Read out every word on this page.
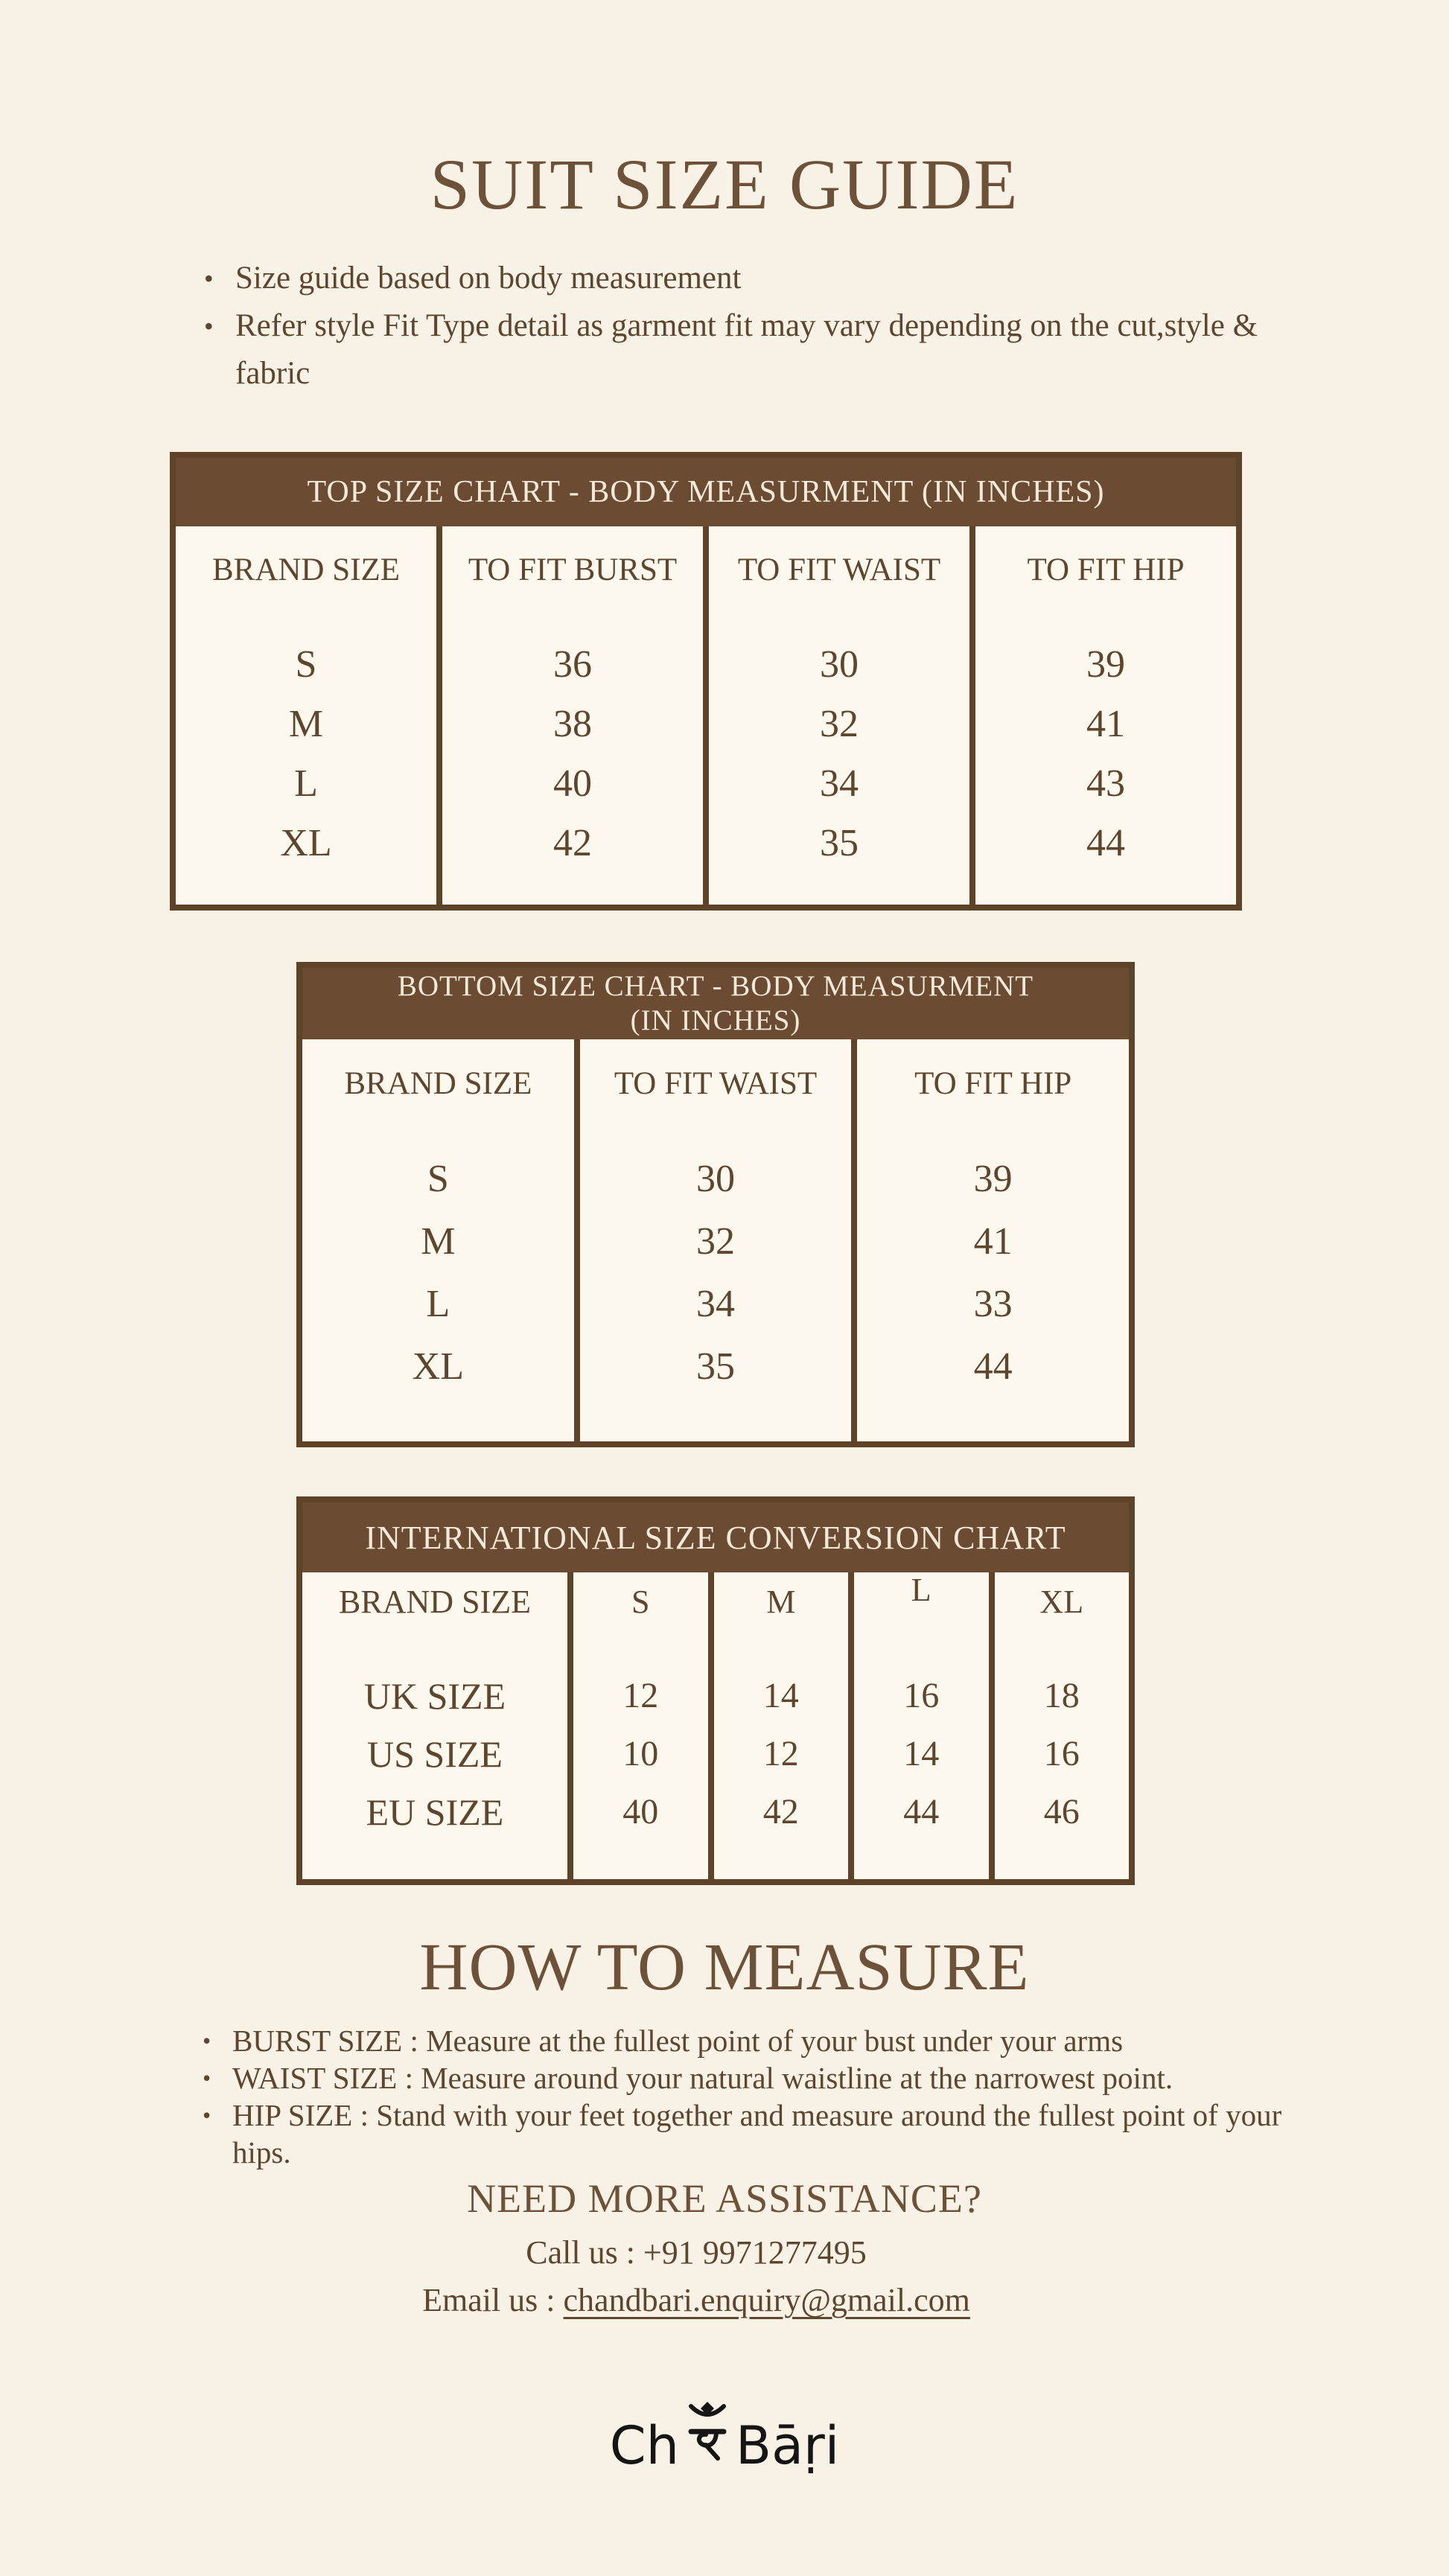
SUIT SIZE GUIDE
• Size guide based on body measurement
• Refer style Fit Type detail as garment fit may vary depending on the cut,style & fabric
TOP SIZE CHART - BODY MEASURMENT (IN INCHES)
BRAND SIZE
S
M
L
XL
TO FIT BURST
36
38
40
42
TO FIT WAIST
30
32
34
35
TO FIT HIP
39
41
43
44
BOTTOM SIZE CHART - BODY MEASURMENT
(IN INCHES)
BRAND SIZE
S
M
L
XL
TO FIT WAIST
30
32
34
35
TO FIT HIP
39
41
33
44
INTERNATIONAL SIZE CONVERSION CHART
BRAND SIZE
UK SIZE
US SIZE
EU SIZE
S
12
10
40
M
14
12
42
L
16
14
44
XL
18
16
46
HOW TO MEASURE
• BURST SIZE : Measure at the fullest point of your bust under your arms
• WAIST SIZE : Measure around your natural waistline at the narrowest point.
• HIP SIZE : Stand with your feet together and measure around the fullest point of your hips.
NEED MORE ASSISTANCE?
Call us : +91 9971277495
Email us : chandbari.enquiry@gmail.com
Ch Bāṛi
